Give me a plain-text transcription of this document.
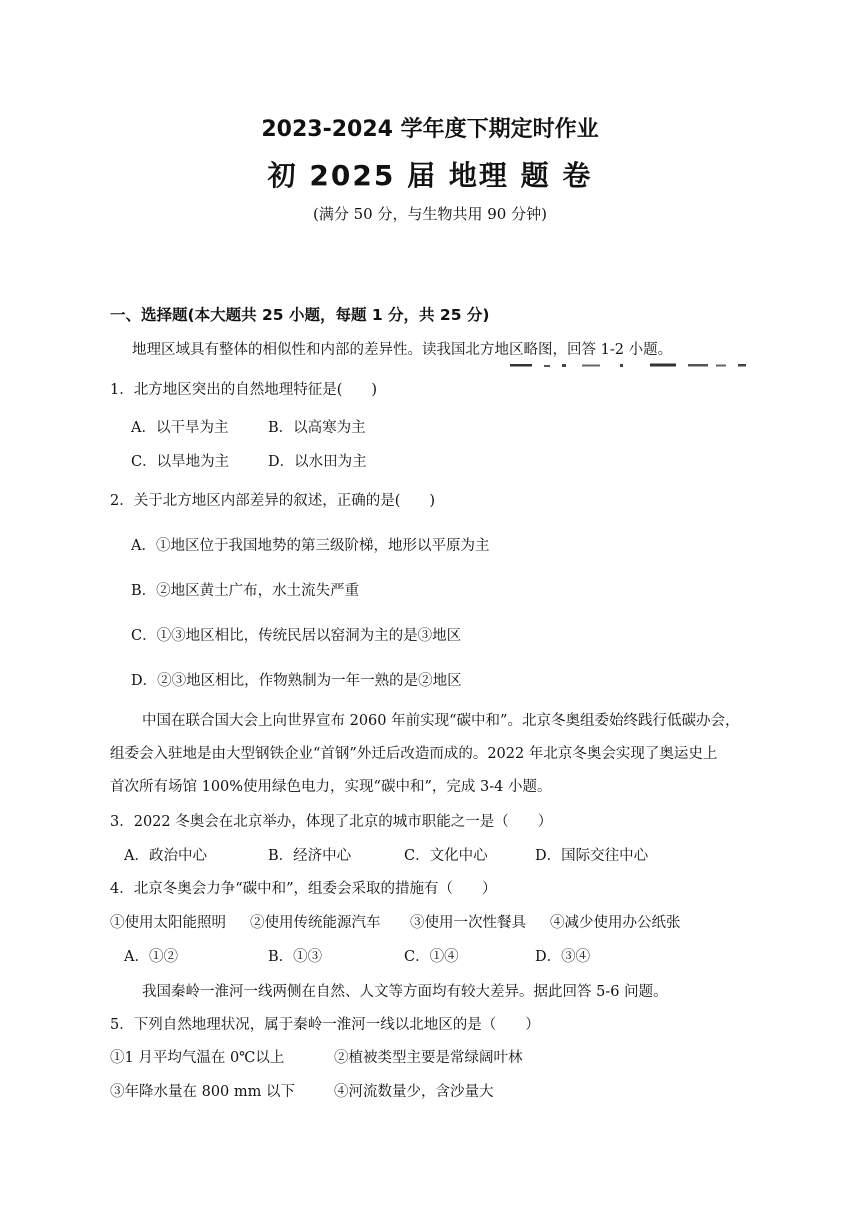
2023-2024 学年度下期定时作业
初 2025 届 地理 题 卷
(满分 50 分，与生物共用 90 分钟)
一、选择题(本大题共 25 小题，每题 1 分，共 25 分)
地理区域具有整体的相似性和内部的差异性。读我国北方地区略图，回答 1-2 小题。
1．北方地区突出的自然地理特征是(　　)
A．以干旱为主	B．以高寒为主
C．以旱地为主	D．以水田为主
2．关于北方地区内部差异的叙述，正确的是(　　)
A．①地区位于我国地势的第三级阶梯，地形以平原为主
B．②地区黄土广布，水土流失严重
C．①③地区相比，传统民居以窑洞为主的是③地区
D．②③地区相比，作物熟制为一年一熟的是②地区
中国在联合国大会上向世界宣布 2060 年前实现“碳中和”。北京冬奥组委始终践行低碳办会，
组委会入驻地是由大型钢铁企业“首钢”外迁后改造而成的。2022 年北京冬奥会实现了奥运史上
首次所有场馆 100%使用绿色电力，实现“碳中和”，完成 3-4 小题。
3．2022 冬奥会在北京举办，体现了北京的城市职能之一是（　　）
A．政治中心	B．经济中心	C．文化中心	D．国际交往中心
4．北京冬奥会力争“碳中和”，组委会采取的措施有（　　）
①使用太阳能照明 ②使用传统能源汽车 ③使用一次性餐具 ④减少使用办公纸张
A．①②	B．①③	C．①④	D．③④
我国秦岭一淮河一线两侧在自然、人文等方面均有较大差异。据此回答 5-6 问题。
5．下列自然地理状况，属于秦岭一淮河一线以北地区的是（　　）
①1 月平均气温在 0℃以上	②植被类型主要是常绿阔叶林
③年降水量在 800 mm 以下	④河流数量少，含沙量大
